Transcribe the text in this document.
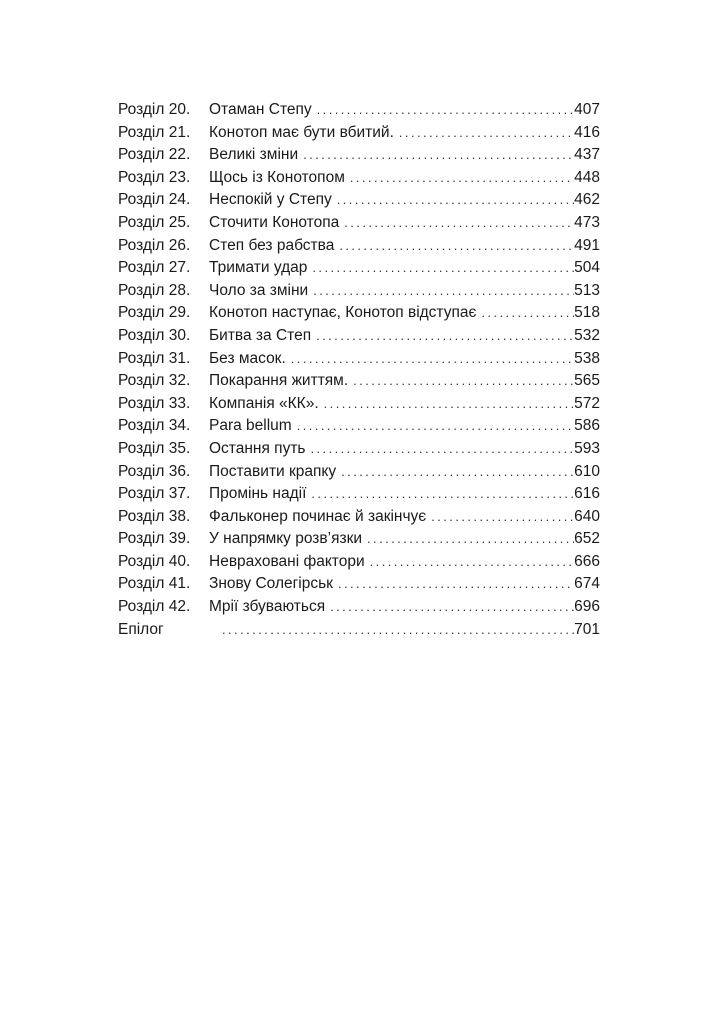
Розділ 20.	Отаман Степу . . .	407
Розділ 21.	Конотоп має бути вбитий. . . .	416
Розділ 22.	Великі зміни . . .	437
Розділ 23.	Щось із Конотопом . . .	448
Розділ 24.	Неспокій у Степу . . .	462
Розділ 25.	Сточити Конотопа . . .	473
Розділ 26.	Степ без рабства . . .	491
Розділ 27.	Тримати удар . . .	504
Розділ 28.	Чоло за зміни . . .	513
Розділ 29.	Конотоп наступає, Конотоп відступає . . .	518
Розділ 30.	Битва за Степ . . .	532
Розділ 31.	Без масок. . . .	538
Розділ 32.	Покарання життям. . . .	565
Розділ 33.	Компанія «КК». . . .	572
Розділ 34.	Para bellum . . .	586
Розділ 35.	Остання путь . . .	593
Розділ 36.	Поставити крапку . . .	610
Розділ 37.	Промінь надії . . .	616
Розділ 38.	Фальконер починає й закінчує . . .	640
Розділ 39.	У напрямку розв’язки . . .	652
Розділ 40.	Невраховані фактори . . .	666
Розділ 41.	Знову Солегірськ . . .	674
Розділ 42.	Мрії збуваються . . .	696
Епілог . . .	701
